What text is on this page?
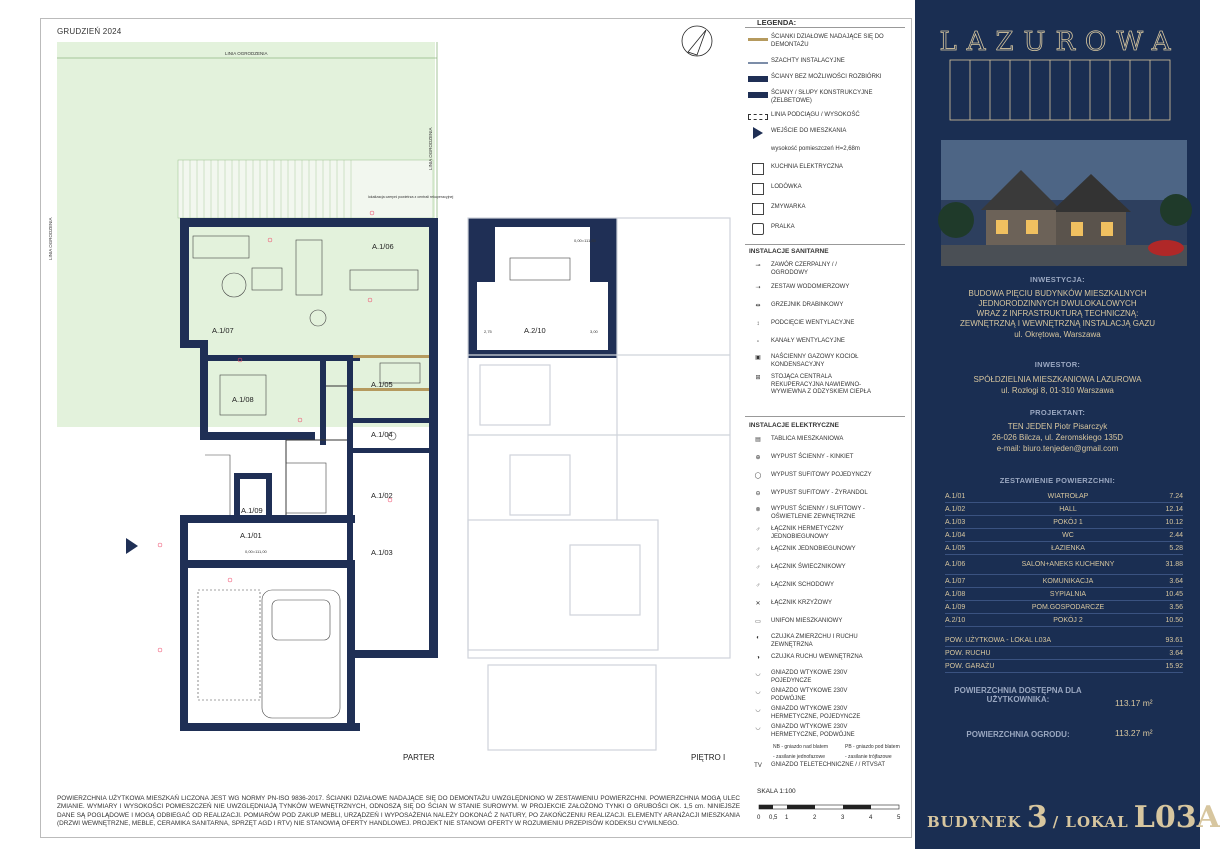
GRUDZIEŃ 2024
LINIA OGRODZENIA
LINIA OGRODZENIA
LINIA OGRODZENIA
lokalizacja czerpni powietrza z centrali rekuperacyjnej
A.1/06
A.1/07
A.1/08
A.1/05
A.1/04
A.1/02
A.1/09
A.1/01
A.1/03
0,00=111,00
A.2/10
0,00=111,85
2,75	3,00
PARTER	PIĘTRO I
LEGENDA:
ŚCIANKI DZIAŁOWE NADAJĄCE SIĘ DO DEMONTAŻU
SZACHTY INSTALACYJNE
ŚCIANY BEZ MOŻLIWOŚCI ROZBIÓRKI
ŚCIANY / SŁUPY KONSTRUKCYJNE (ŻELBETOWE)
LINIA PODCIĄGU / WYSOKOŚĆ
WEJŚCIE DO MIESZKANIA
wysokość pomieszczeń H=2,68m
KUCHNIA ELEKTRYCZNA
LODÓWKA
ZMYWARKA
PRALKA
INSTALACJE SANITARNE
⊸	ZAWÓR CZERPALNY / / OGRODOWY
⇢	ZESTAW WODOMIERZOWY
⇹	GRZEJNIK DRABINKOWY
↕	PODCIĘCIE WENTYLACYJNE
▫	KANAŁY WENTYLACYJNE
▣	NAŚCIENNY GAZOWY KOCIOŁ KONDENSACYJNY
⊞	STOJĄCA CENTRALA REKUPERACYJNA NAWIEWNO-WYWIEWNA Z ODZYSKIEM CIEPŁA
INSTALACJE ELEKTRYCZNE
▤	TABLICA MIESZKANIOWA
⊕	WYPUST ŚCIENNY - KINKIET
◯	WYPUST SUFITOWY POJEDYNCZY
⊖	WYPUST SUFITOWY - ŻYRANDOL
⊗	WYPUST ŚCIENNY / SUFITOWY - OŚWIETLENIE ZEWNĘTRZNE
♂	ŁĄCZNIK HERMETYCZNY JEDNOBIEGUNOWY
♂	ŁĄCZNIK JEDNOBIEGUNOWY
♂	ŁĄCZNIK ŚWIECZNIKOWY
♂	ŁĄCZNIK SCHODOWY
✕	ŁĄCZNIK KRZYŻOWY
▭	UNIFON MIESZKANIOWY
◐	CZUJKA ZMIERZCHU I RUCHU ZEWNĘTRZNA
◑	CZUJKA RUCHU WEWNĘTRZNA
◡	GNIAZDO WTYKOWE 230V POJEDYNCZE
◡	GNIAZDO WTYKOWE 230V PODWÓJNE
◡	GNIAZDO WTYKOWE 230V HERMETYCZNE, POJEDYNCZE
◡	GNIAZDO WTYKOWE 230V HERMETYCZNE, PODWÓJNE
NB - gniazdo nad blatem	PB - gniazdo pod blatem
- zasilanie jednofazowe	- zasilanie trójfazowe
TV	GNIAZDO TELETECHNICZNE / / RTVSAT
POWIERZCHNIA UŻYTKOWA MIESZKAŃ LICZONA JEST WG NORMY PN-ISO 9836-2017. ŚCIANKI DZIAŁOWE NADAJĄCE SIĘ DO DEMONTAŻU UWZGLĘDNIONO W ZESTAWIENIU POWIERZCHNI. POWIERZCHNIA MOGĄ ULEC ZMIANIE. WYMIARY I WYSOKOŚCI POMIESZCZEŃ NIE UWZGLĘDNIAJĄ TYNKÓW WEWNĘTRZNYCH, ODNOSZĄ SIĘ DO ŚCIAN W STANIE SUROWYM. W PROJEKCIE ZAŁOŻONO TYNKI O GRUBOŚCI OK. 1,5 cm. NINIEJSZE DANE SĄ POGLĄDOWE I MOGĄ ODBIEGAĆ OD REALIZACJI. POMIARÓW POD ZAKUP MEBLI, URZĄDZEŃ I WYPOSAŻENIA NALEŻY DOKONAĆ Z NATURY, PO ZAKOŃCZENIU REALIZACJI. ELEMENTY ARANŻACJI MIESZKANIA (DRZWI WEWNĘTRZNE, MEBLE, CERAMIKA SANITARNA, SPRZĘT AGD I RTV) NIE STANOWIĄ OFERTY HANDLOWEJ. PROJEKT NIE STANOWI OFERTY W ROZUMIENIU PRZEPISÓW KODEKSU CYWILNEGO.
SKALA 1:100
0 0,5 1	2	3	4	5
LAZUROWA
INWESTYCJA:
BUDOWA PIĘCIU BUDYNKÓW MIESZKALNYCH
JEDNORODZINNYCH DWULOKALOWYCH
WRAZ Z INFRASTRUKTURĄ TECHNICZNĄ:
ZEWNĘTRZNĄ I WEWNĘTRZNĄ INSTALACJĄ GAZU
ul. Okrętowa, Warszawa
INWESTOR:
SPÓŁDZIELNIA MIESZKANIOWA LAZUROWA
ul. Rozłogi 8, 01-310 Warszawa
PROJEKTANT:
TEN JEDEN Piotr Pisarczyk
26-026 Bilcza, ul. Żeromskiego 135D
e-mail: biuro.tenjeden@gmail.com
ZESTAWIENIE POWIERZCHNI:
A.1/01	WIATROŁAP	7.24
A.1/02	HALL	12.14
A.1/03	POKÓJ 1	10.12
A.1/04	WC	2.44
A.1/05	ŁAZIENKA	5.28
A.1/06	SALON+ANEKS KUCHENNY	31.88
A.1/07	KOMUNIKACJA	3.64
A.1/08	SYPIALNIA	10.45
A.1/09	POM.GOSPODARCZE	3.56
A.2/10	POKÓJ 2	10.50
POW. UŻYTKOWA - LOKAL L03A	93.61
POW. RUCHU	3.64
POW. GARAŻU	15.92
POWIERZCHNIA DOSTĘPNA DLA UŻYTKOWNIKA:	113.17 m²
POWIERZCHNIA OGRODU:	113.27 m²
BUDYNEK 3 / LOKAL L03A
